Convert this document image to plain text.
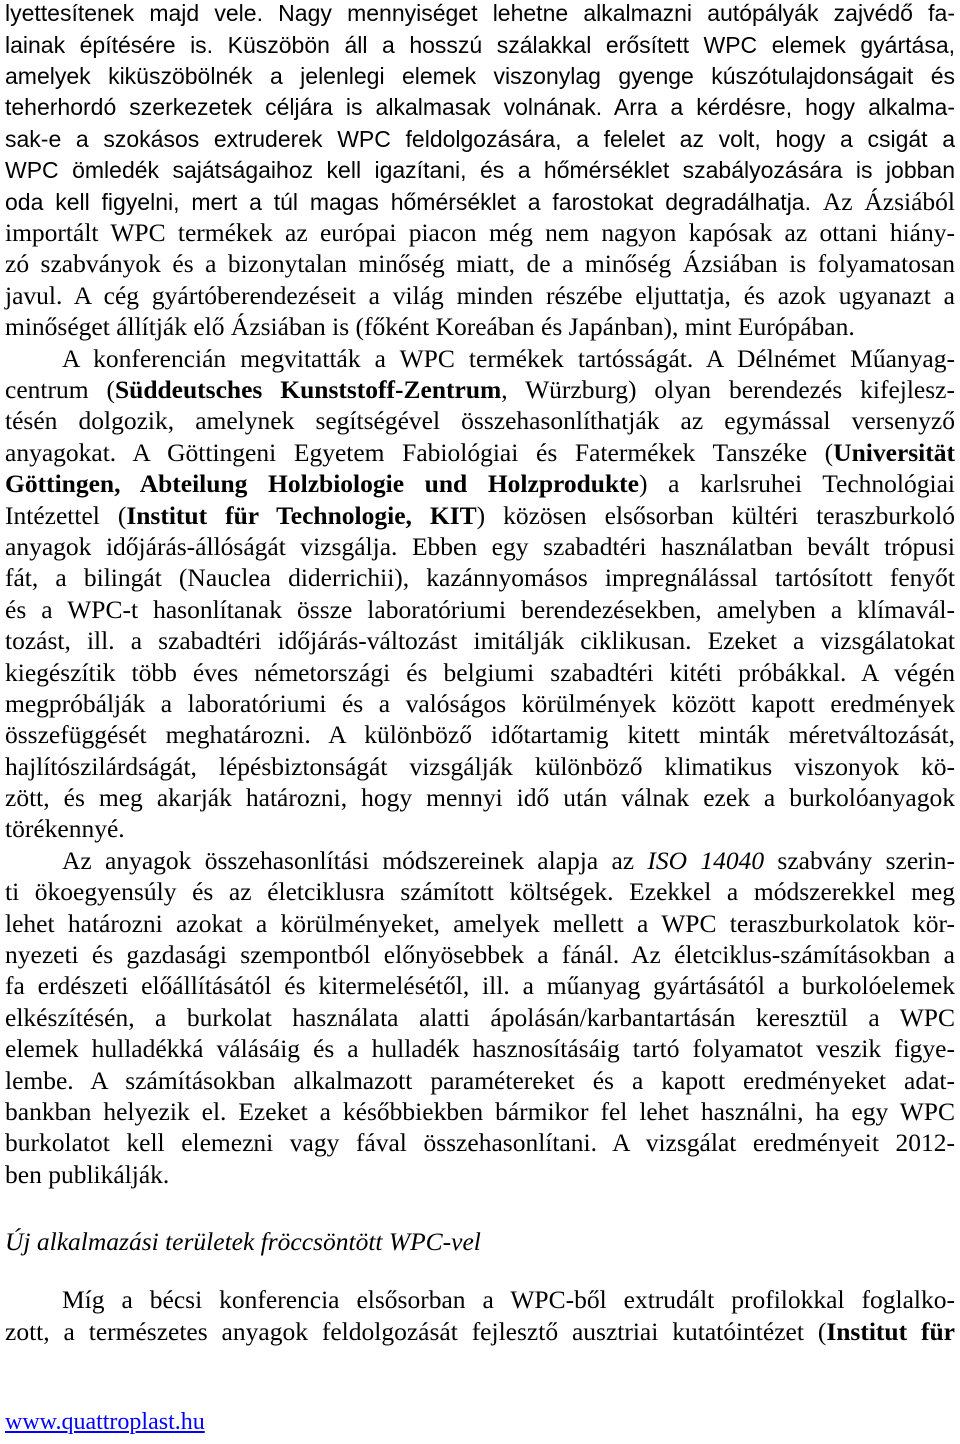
lyettesítenek majd vele. Nagy mennyiséget lehetne alkalmazni autópályák zajvédő fa-
lainak építésére is. Küszöbön áll a hosszú szálakkal erősített WPC elemek gyártása,
amelyek kiküszöbölnék a jelenlegi elemek viszonylag gyenge kúszótulajdonságait és
teherhordó szerkezetek céljára is alkalmasak volnának. Arra a kérdésre, hogy alkalma-
sak-e a szokásos extruderek WPC feldolgozására, a felelet az volt, hogy a csigát a
WPC ömledék sajátságaihoz kell igazítani, és a hőmérséklet szabályozására is jobban
oda kell figyelni, mert a túl magas hőmérséklet a farostokat degradálhatja. Az Ázsiából
importált WPC termékek az európai piacon még nem nagyon kapósak az ottani hiány-
zó szabványok és a bizonytalan minőség miatt, de a minőség Ázsiában is folyamatosan
javul. A cég gyártóberendezéseit a világ minden részébe eljuttatja, és azok ugyanazt a
minőséget állítják elő Ázsiában is (főként Koreában és Japánban), mint Európában.
A konferencián megvitatták a WPC termékek tartósságát. A Délnémet Műanyag-
centrum (Süddeutsches Kunststoff-Zentrum, Würzburg) olyan berendezés kifejlesz-
tésén dolgozik, amelynek segítségével összehasonlíthatják az egymással versenyző
anyagokat. A Göttingeni Egyetem Fabiológiai és Fatermékek Tanszéke (Universität
Göttingen, Abteilung Holzbiologie und Holzprodukte) a karlsruhei Technológiai
Intézettel (Institut für Technologie, KIT) közösen elsősorban kültéri teraszburkoló
anyagok időjárás-állóságát vizsgálja. Ebben egy szabadtéri használatban bevált trópusi
fát, a bilingát (Nauclea diderrichii), kazánnyomásos impregnálással tartósított fenyőt
és a WPC-t hasonlítanak össze laboratóriumi berendezésekben, amelyben a klímavál-
tozást, ill. a szabadtéri időjárás-változást imitálják ciklikusan. Ezeket a vizsgálatokat
kiegészítik több éves németországi és belgiumi szabadtéri kitéti próbákkal. A végén
megpróbálják a laboratóriumi és a valóságos körülmények között kapott eredmények
összefüggését meghatározni. A különböző időtartamig kitett minták méretváltozását,
hajlítószilárdságát, lépésbiztonságát vizsgálják különböző klimatikus viszonyok kö-
zött, és meg akarják határozni, hogy mennyi idő után válnak ezek a burkolóanyagok
törékennyé.
Az anyagok összehasonlítási módszereinek alapja az ISO 14040 szabvány szerin-
ti ökoegyensúly és az életciklusra számított költségek. Ezekkel a módszerekkel meg
lehet határozni azokat a körülményeket, amelyek mellett a WPC teraszburkolatok kör-
nyezeti és gazdasági szempontból előnyösebbek a fánál. Az életciklus-számításokban a
fa erdészeti előállításától és kitermelésétől, ill. a műanyag gyártásától a burkolóelemek
elkészítésén, a burkolat használata alatti ápolásán/karbantartásán keresztül a WPC
elemek hulladékká válásáig és a hulladék hasznosításáig tartó folyamatot veszik figye-
lembe. A számításokban alkalmazott paramétereket és a kapott eredményeket adat-
bankban helyezik el. Ezeket a későbbiekben bármikor fel lehet használni, ha egy WPC
burkolatot kell elemezni vagy fával összehasonlítani. A vizsgálat eredményeit 2012-
ben publikálják.
Új alkalmazási területek fröccsöntött WPC-vel
Míg a bécsi konferencia elsősorban a WPC-ből extrudált profilokkal foglalko-
zott, a természetes anyagok feldolgozását fejlesztő ausztriai kutatóintézet (Institut für
www.quattroplast.hu
